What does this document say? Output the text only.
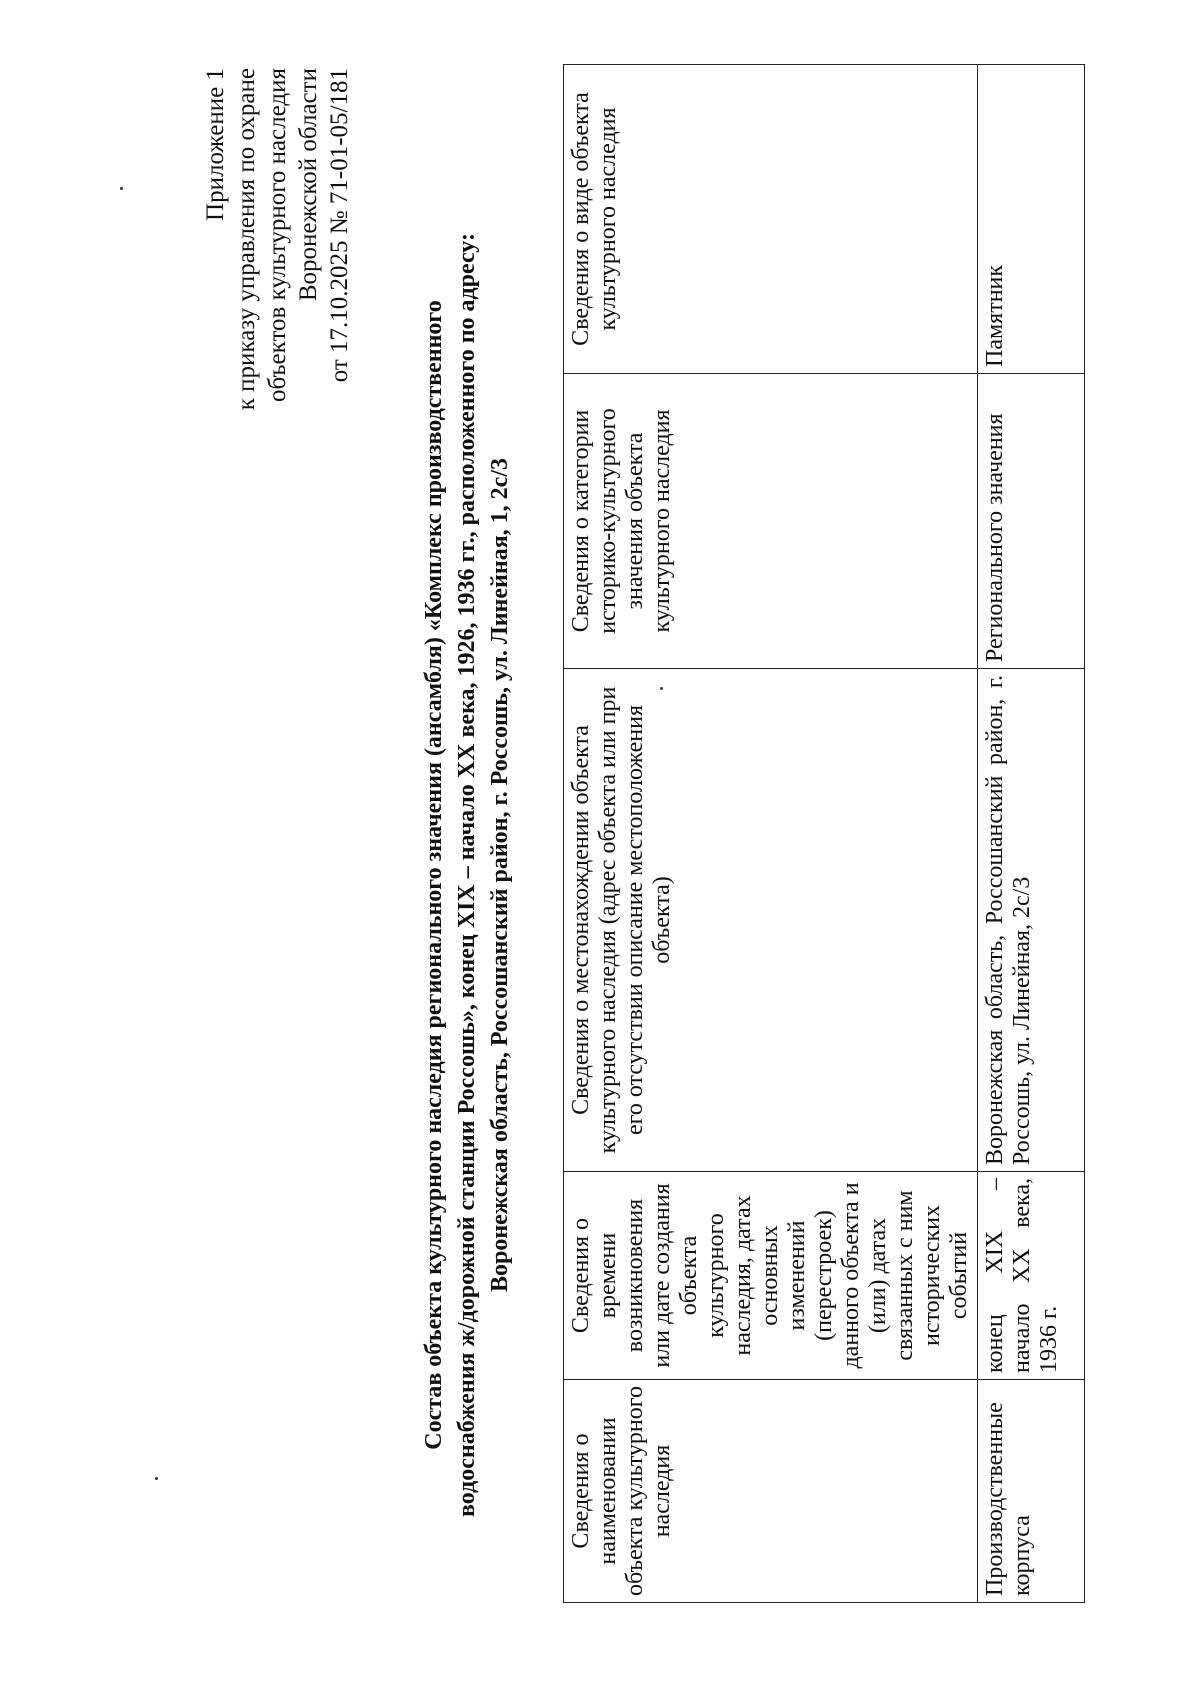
Приложение 1 к приказу управления по охране объектов культурного наследия Воронежской области от 17.10.2025 № 71-01-05/181
Состав объекта культурного наследия регионального значения (ансамбля) «Комплекс производственного водоснабжения ж/дорожной станции Россошь», конец XIX – начало XX века, 1926, 1936 гг., расположенного по адресу: Воронежская область, Россошанский район, г. Россошь, ул. Линейная, 1, 2с/3
Сведения о наименовании объекта культурного наследия	Сведения о времени возникновения или дате создания объекта культурного наследия, датах основных изменений (перестроек) данного объекта и (или) датах связанных с ним исторических событий	Сведения о местонахождении объекта культурного наследия (адрес объекта или при его отсутствии описание местоположения объекта)	Сведения о категории историко-культурного значения объекта культурного наследия	Сведения о виде объекта культурного наследия
Производственные корпуса	конец XIX – начало XX века, 1936 г.	Воронежская область, Россошанский район, г. Россошь, ул. Линейная, 2с/3	Регионального значения	Памятник
